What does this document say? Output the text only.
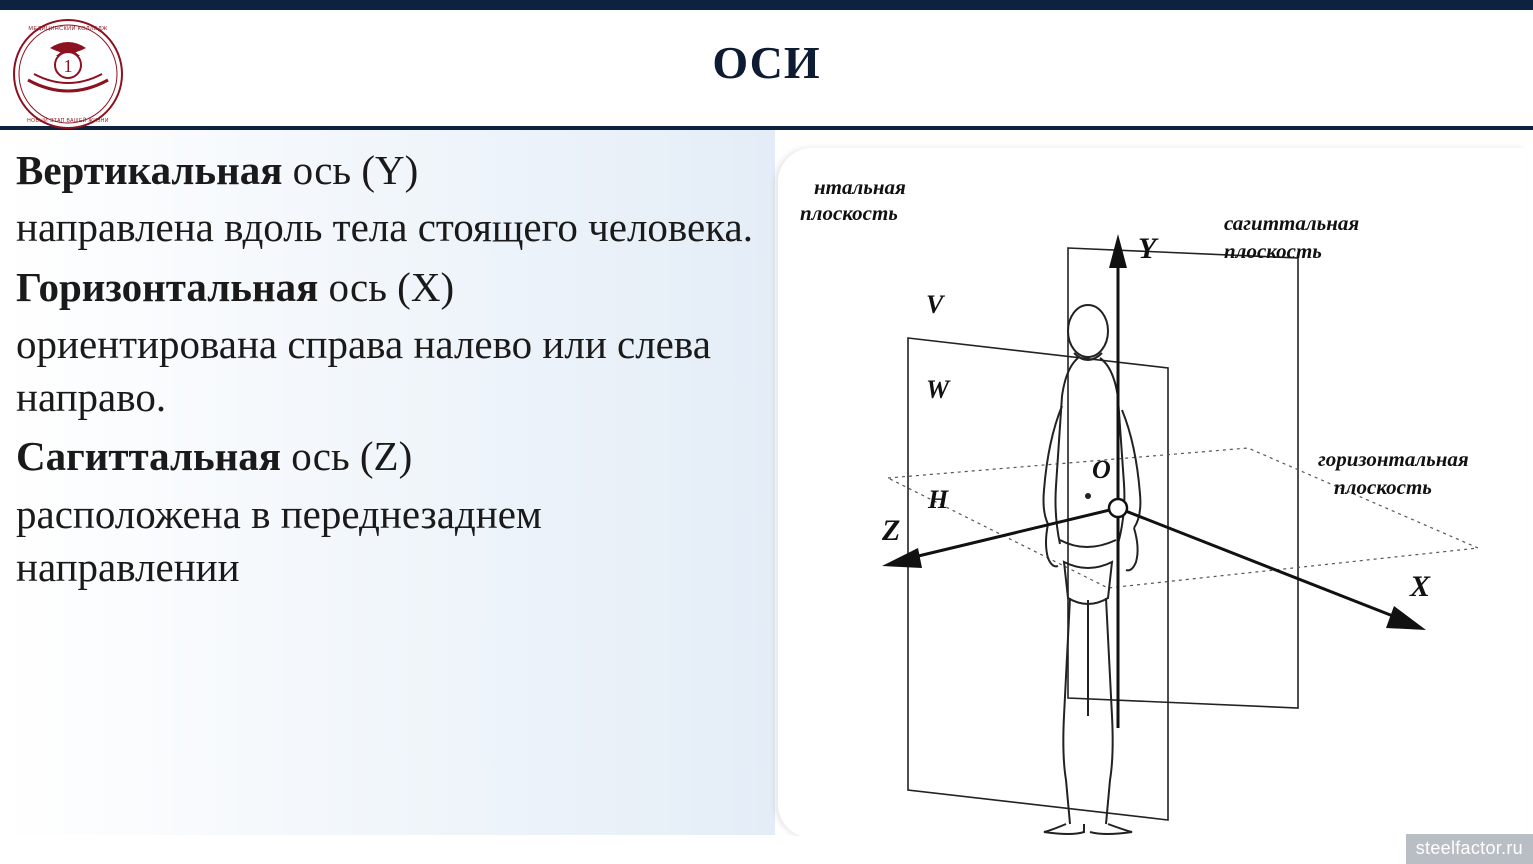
1
МЕДИЦИНСКИЙ КОЛЛЕДЖ
НОВЫЙ ЭТАП ВАШЕЙ ЖИЗНИ
ОСИ

Вертикальная ось (Y)

направлена вдоль тела стоящего человека.

Горизонтальная ось (X)

ориентирована справа налево или слева направо.

Сагиттальная ось (Z)

расположена в переднезаднем направлении

Y
X
Z
V
W
H
O
нтальная
плоскость	сагиттальная
плоскость
горизонтальная
плоскость
steelfactor.ru
